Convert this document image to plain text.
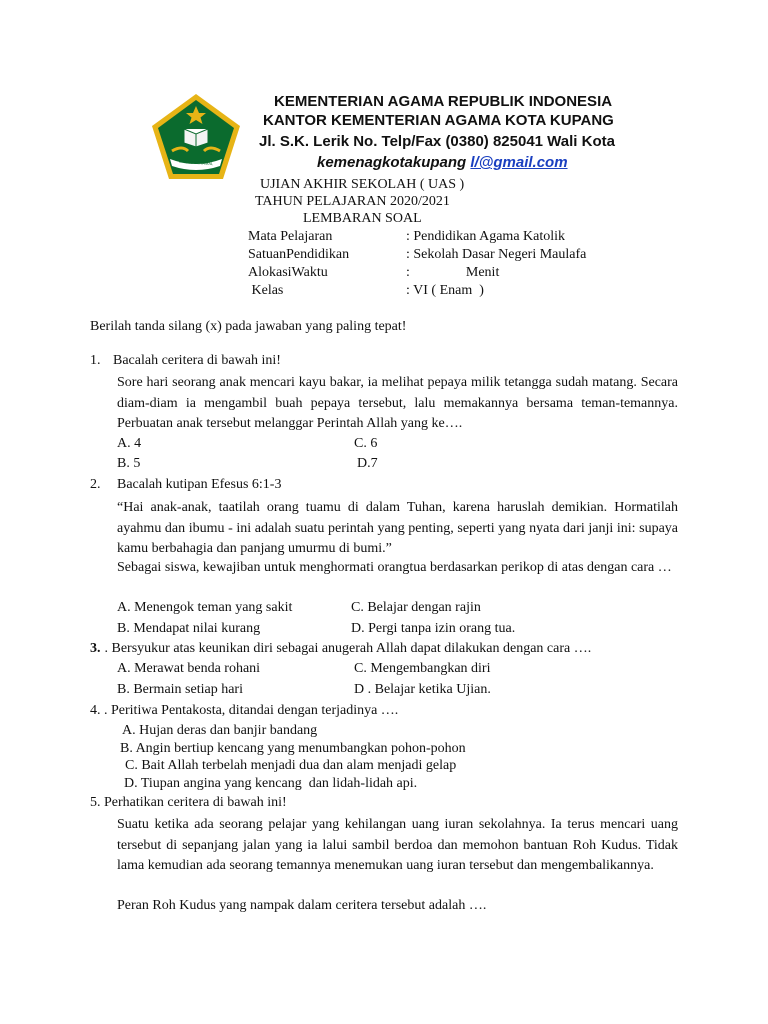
IKHLAS BERAMAL
KEMENTERIAN AGAMA REPUBLIK INDONESIA
KANTOR KEMENTERIAN AGAMA KOTA KUPANG
Jl. S.K. Lerik No. Telp/Fax (0380) 825041 Wali Kota
kemenagkotakupang l/@gmail.com
UJIAN AKHIR SEKOLAH ( UAS )
TAHUN PELAJARAN 2020/2021
LEMBARAN SOAL
Mata Pelajaran	: Pendidikan Agama Katolik
SatuanPendidikan	: Sekolah Dasar Negeri Maulafa
AlokasiWaktu	:                Menit
Kelas	: VI ( Enam  )
Berilah tanda silang (x) pada jawaban yang paling tepat!
1. Bacalah ceritera di bawah ini!
Sore hari seorang anak mencari kayu bakar, ia melihat pepaya milik tetangga sudah matang. Secara diam-diam ia mengambil buah pepaya tersebut, lalu memakannya bersama teman-temannya. Perbuatan anak tersebut melanggar Perintah Allah yang ke….
A. 4	C. 6
B. 5	D.7
2. Bacalah kutipan Efesus 6:1-3
“Hai anak-anak, taatilah orang tuamu di dalam Tuhan, karena haruslah demikian. Hormatilah ayahmu dan ibumu - ini adalah suatu perintah yang penting, seperti yang nyata dari janji ini: supaya kamu berbahagia dan panjang umurmu di bumi.”
Sebagai siswa, kewajiban untuk menghormati orangtua berdasarkan perikop di atas dengan cara …
A. Menengok teman yang sakit	C. Belajar dengan rajin
B. Mendapat nilai kurang	D. Pergi tanpa izin orang tua.
3. . Bersyukur atas keunikan diri sebagai anugerah Allah dapat dilakukan dengan cara ….
A. Merawat benda rohani	C. Mengembangkan diri
B. Bermain setiap hari	D . Belajar ketika Ujian.
4. . Peritiwa Pentakosta, ditandai dengan terjadinya ….
A. Hujan deras dan banjir bandang
B. Angin bertiup kencang yang menumbangkan pohon-pohon
C. Bait Allah terbelah menjadi dua dan alam menjadi gelap
D. Tiupan angina yang kencang  dan lidah-lidah api.
5. Perhatikan ceritera di bawah ini!
Suatu ketika ada seorang pelajar yang kehilangan uang iuran sekolahnya. Ia terus mencari uang tersebut di sepanjang jalan yang ia lalui sambil berdoa dan memohon bantuan Roh Kudus. Tidak lama kemudian ada seorang temannya menemukan uang iuran tersebut dan mengembalikannya.
Peran Roh Kudus yang nampak dalam ceritera tersebut adalah ….
